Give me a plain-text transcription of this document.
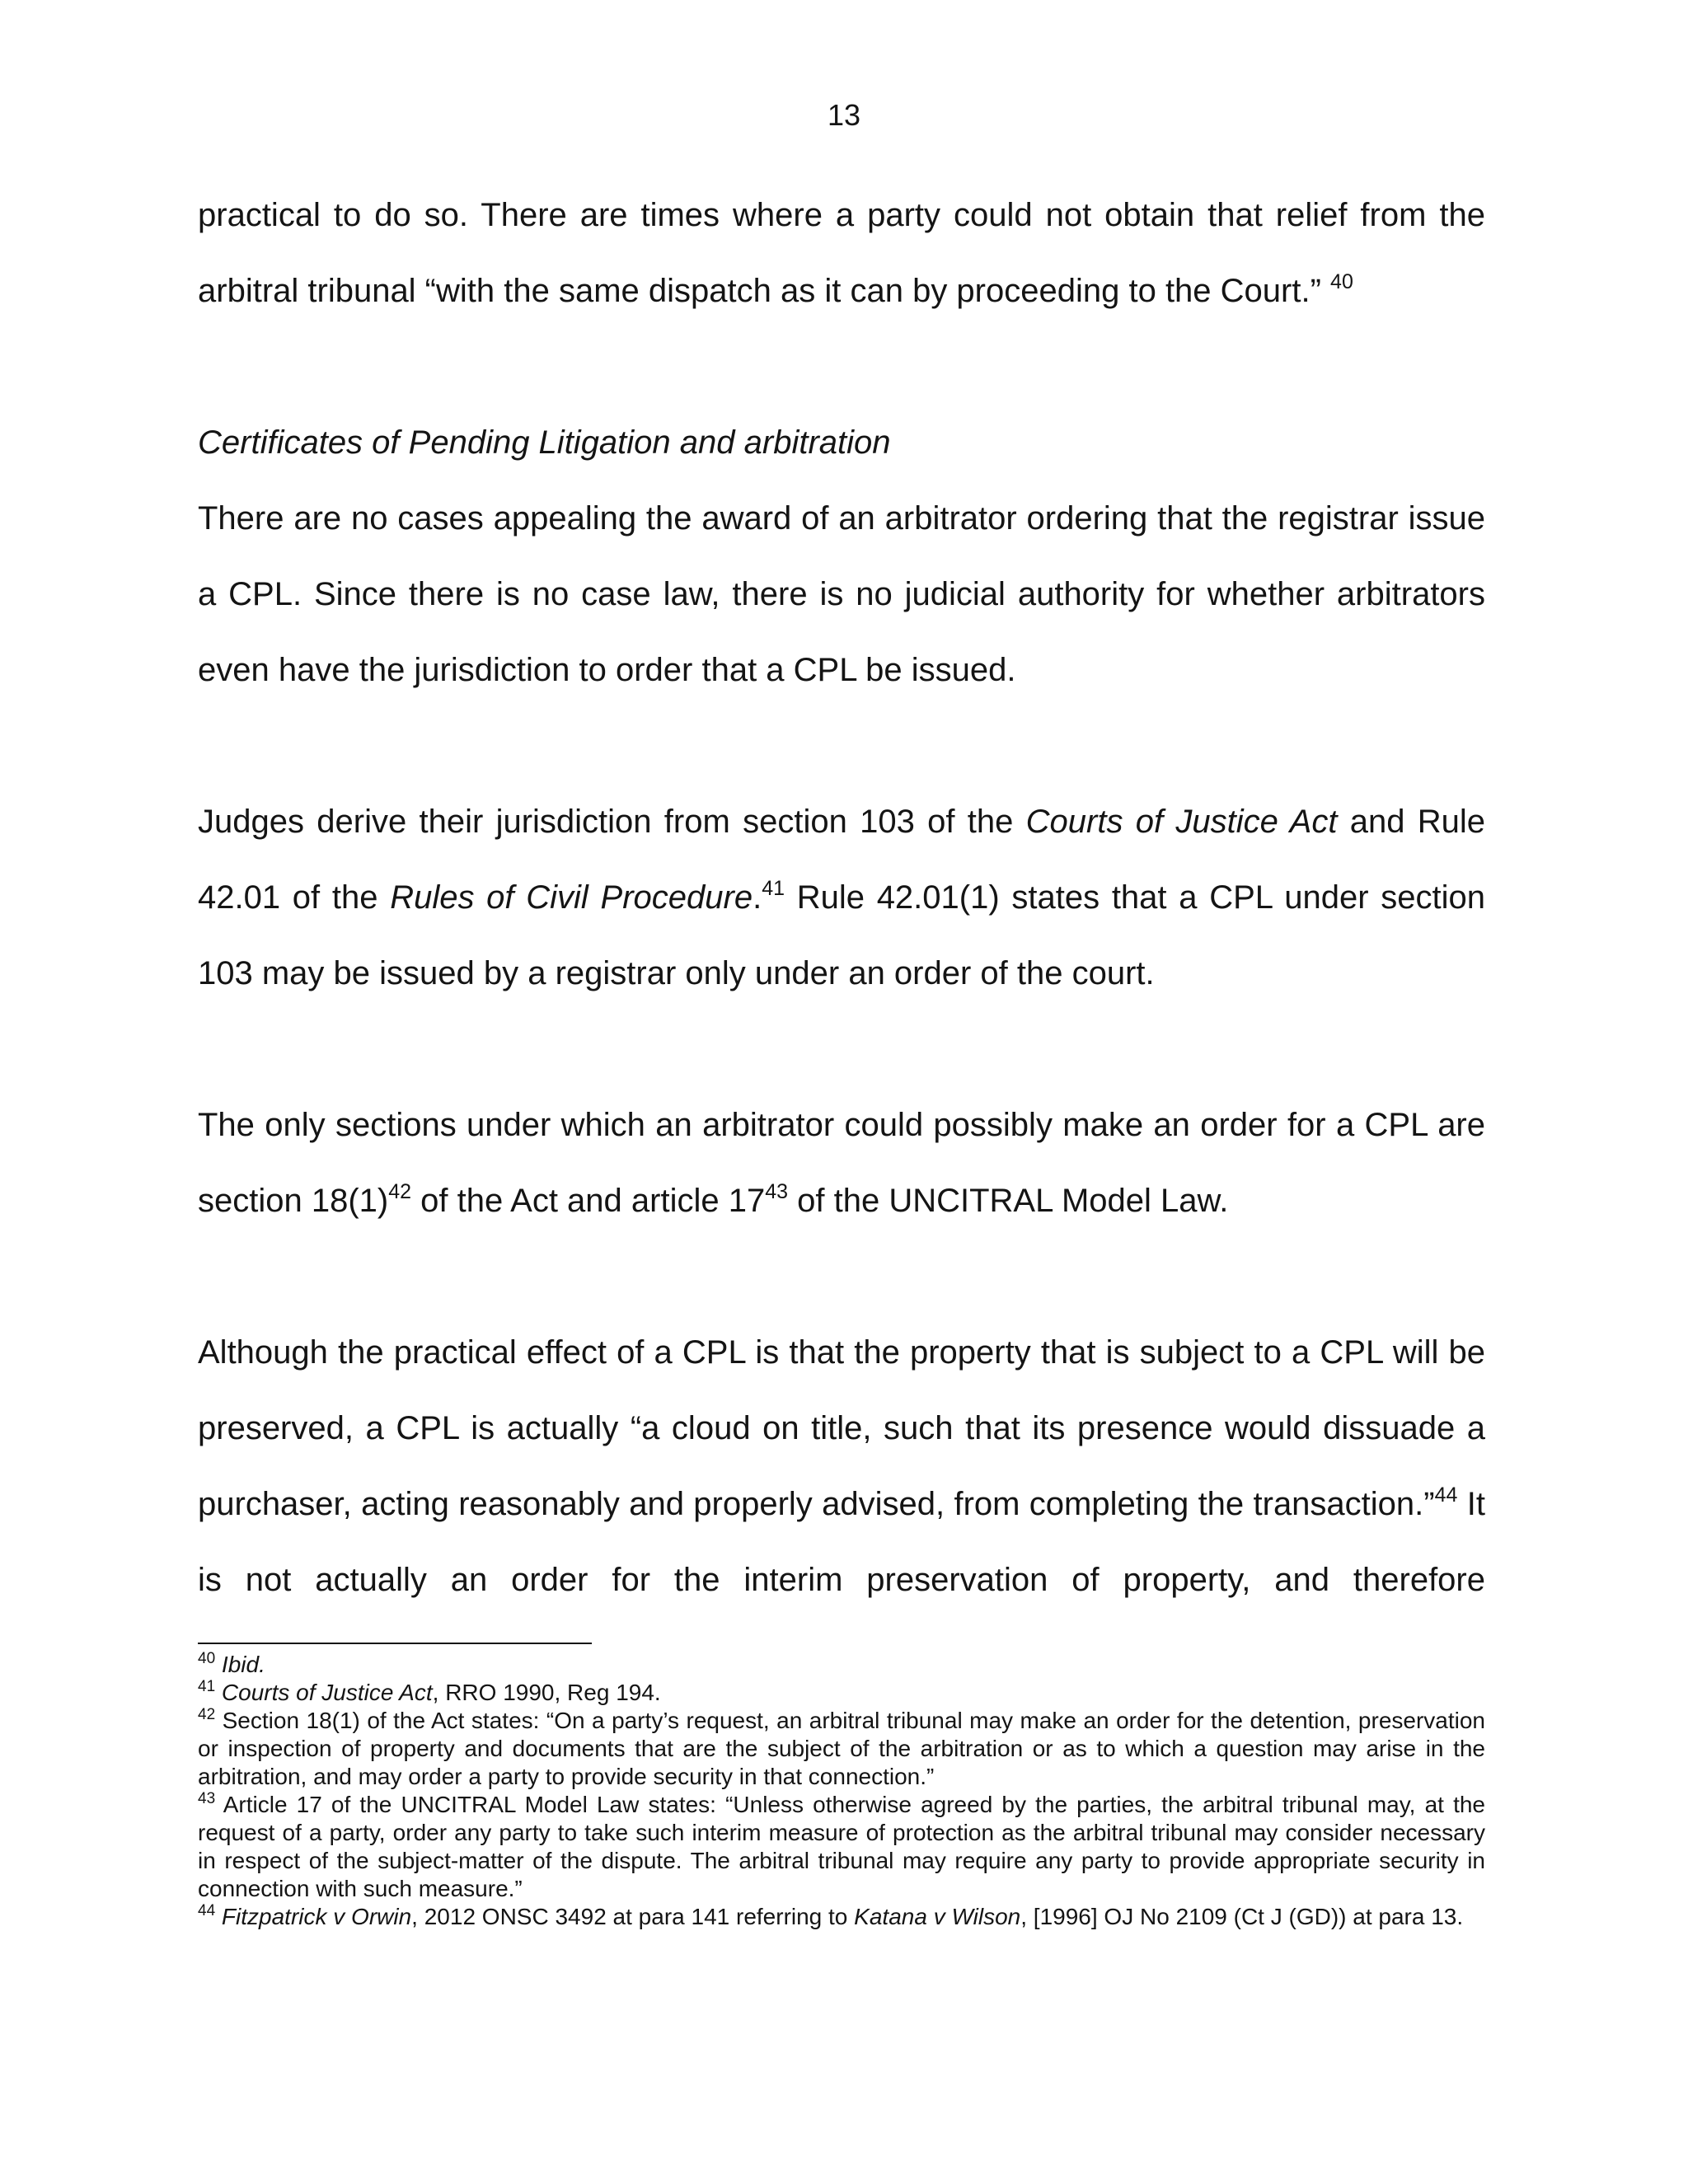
13

practical to do so. There are times where a party could not obtain that relief from the arbitral tribunal “with the same dispatch as it can by proceeding to the Court.” $^{40}$

Certificates of Pending Litigation and arbitration

There are no cases appealing the award of an arbitrator ordering that the registrar issue a CPL. Since there is no case law, there is no judicial authority for whether arbitrators even have the jurisdiction to order that a CPL be issued.

Judges derive their jurisdiction from section 103 of the Courts of Justice Act and Rule 42.01 of the Rules of Civil Procedure.$^{41}$ Rule 42.01(1) states that a CPL under section 103 may be issued by a registrar only under an order of the court.

The only sections under which an arbitrator could possibly make an order for a CPL are section $18(1)^{42}$ of the Act and article $17^{43}$ of the UNCITRAL Model Law.

Although the practical effect of a CPL is that the property that is subject to a CPL will be preserved, a CPL is actually “a cloud on title, such that its presence would dissuade a purchaser, acting reasonably and properly advised, from completing the transaction.”$^{44}$ It is not actually an order for the interim preservation of property, and therefore

$^{40}$ Ibid.

$^{41}$ Courts of Justice Act, RRO 1990, Reg 194.

$^{42}$ Section 18(1) of the Act states: “On a party’s request, an arbitral tribunal may make an order for the detention, preservation or inspection of property and documents that are the subject of the arbitration or as to which a question may arise in the arbitration, and may order a party to provide security in that connection.”

$^{43}$ Article 17 of the UNCITRAL Model Law states: “Unless otherwise agreed by the parties, the arbitral tribunal may, at the request of a party, order any party to take such interim measure of protection as the arbitral tribunal may consider necessary in respect of the subject-matter of the dispute. The arbitral tribunal may require any party to provide appropriate security in connection with such measure.”

$^{44}$ Fitzpatrick v Orwin, 2012 ONSC 3492 at para 141 referring to Katana v Wilson, [1996] OJ No 2109 (Ct J (GD)) at para 13.
